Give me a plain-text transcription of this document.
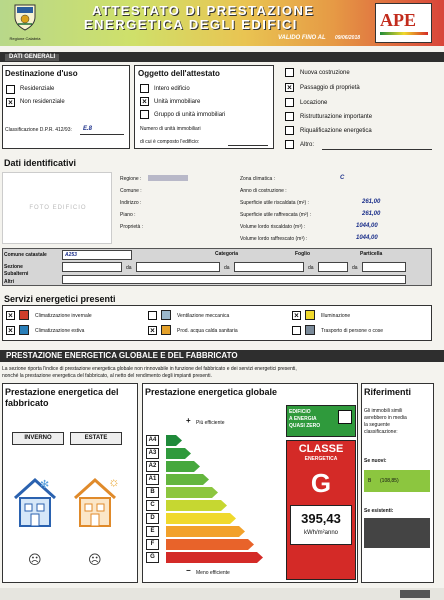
Regione Calabria
ATTESTATO DI PRESTAZIONE
ENERGETICA DEGLI EDIFICI
VALIDO FINO AL 09/06/2018
APE
DATI GENERALI
Destinazione d'uso
Residenziale
×	Non residenziale
Classificazione D.P.R. 412/93: E.8
Oggetto dell'attestato
Intero edificio
×	Unità immobiliare
Gruppo di unità immobiliari
Numero di unità immobiliari
di cui è composto l'edificio:
Nuova costruzione
×	Passaggio di proprietà
Locazione
Ristrutturazione importante
Riqualificazione energetica
Altro:
Dati identificativi
FOTO EDIFICIO
Regione :
Comune :
Indirizzo :
Piano :
Proprietà :
Zona climatica :	C
Anno di costruzione :
Superficie utile riscaldata (m²) :	261,00
Superficie utile raffrescata (m²) :	261,00
Volume lordo riscaldato (m³) :	1044,00
Volume lordo raffrescato (m³) :	1044,00
Comune catastale	A253
Sezione
Categoria	Foglio	Particella
Subalterni
da	da	da	da
Altri
Servizi energetici presenti
×	Climatizzazione invernale
×	Climatizzazione estiva
Ventilazione meccanica
×	Prod. acqua calda sanitaria
×	Illuminazione
Trasporto di persone o cose
PRESTAZIONE ENERGETICA GLOBALE E DEL FABBRICATO
La sezione riporta l'indice di prestazione energetica globale non rinnovabile in funzione del fabbricato e dei servizi energetici presenti,
nonché la prestazione energetica del fabbricato, al netto del rendimento degli impianti presenti.
Prestazione energetica del
fabbricato
INVERNO	ESTATE
✻	☼
☹	☹
Prestazione energetica globale
+ Più efficiente
A4
A3
A2
A1
B
C
D
E
F
G
− Meno efficiente
EDIFICIO
A ENERGIA
QUASI ZERO
CLASSE
ENERGETICA
G
395,43
kWh/m²anno
Riferimenti
Gli immobili simili
avrebbero in media
la seguente
classificazione:
Se nuovi:
B (108,85)
Se esistenti:
